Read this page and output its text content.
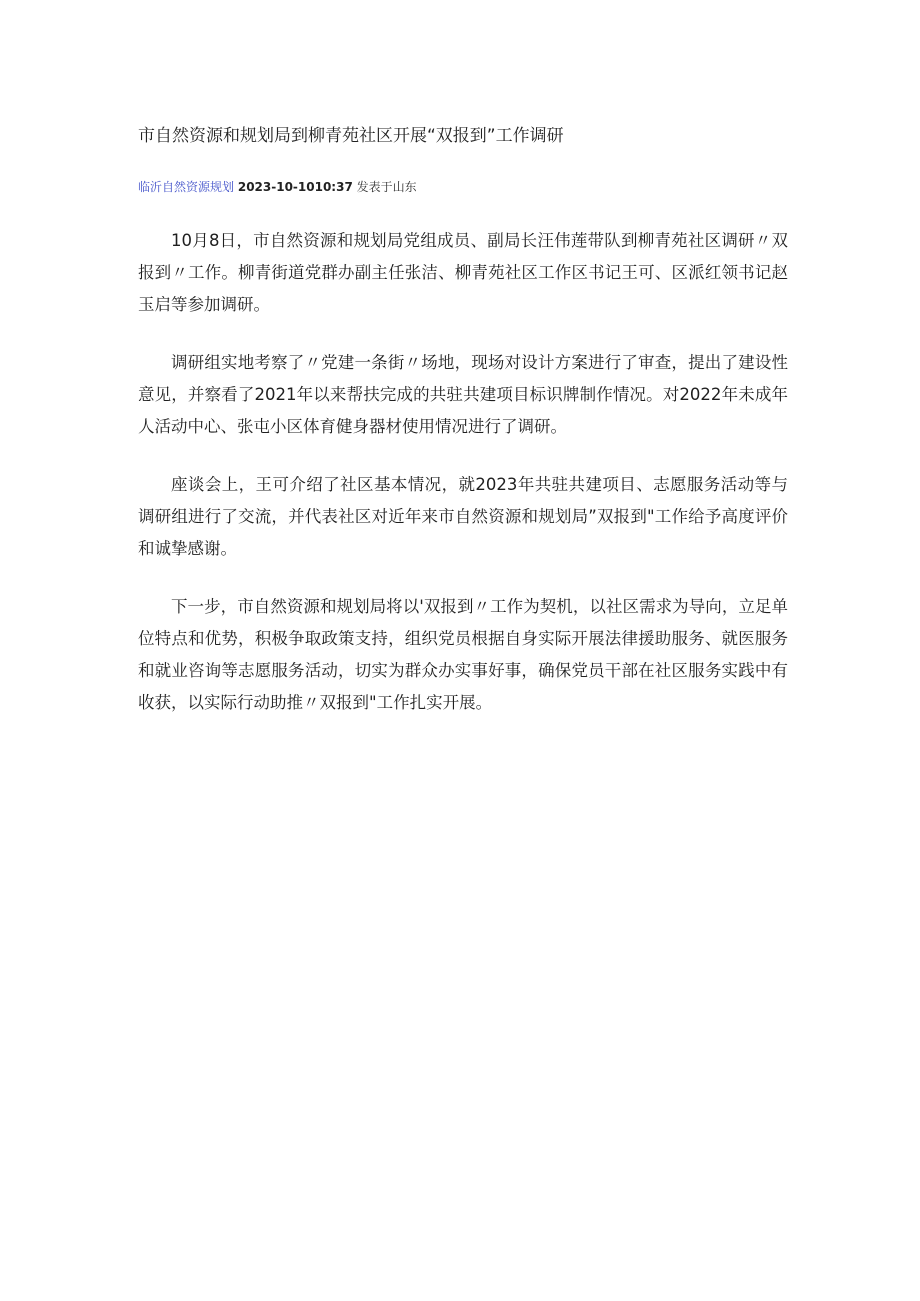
市自然资源和规划局到柳青苑社区开展“双报到”工作调研
临沂自然资源规划 2023-10-1010:37 发表于山东

10月8日，市自然资源和规划局党组成员、副局长汪伟莲带队到柳青苑社区调研〃双报到〃工作。柳青街道党群办副主任张洁、柳青苑社区工作区书记王可、区派红领书记赵玉启等参加调研。

调研组实地考察了〃党建一条街〃场地，现场对设计方案进行了审查，提出了建设性意见，并察看了2021年以来帮扶完成的共驻共建项目标识牌制作情况。对2022年未成年人活动中心、张屯小区体育健身器材使用情况进行了调研。

座谈会上，王可介绍了社区基本情况，就2023年共驻共建项目、志愿服务活动等与调研组进行了交流，并代表社区对近年来市自然资源和规划局”双报到"工作给予高度评价和诚挚感谢。

下一步，市自然资源和规划局将以'双报到〃工作为契机，以社区需求为导向，立足单位特点和优势，积极争取政策支持，组织党员根据自身实际开展法律援助服务、就医服务和就业咨询等志愿服务活动，切实为群众办实事好事，确保党员干部在社区服务实践中有收获，以实际行动助推〃双报到"工作扎实开展。
